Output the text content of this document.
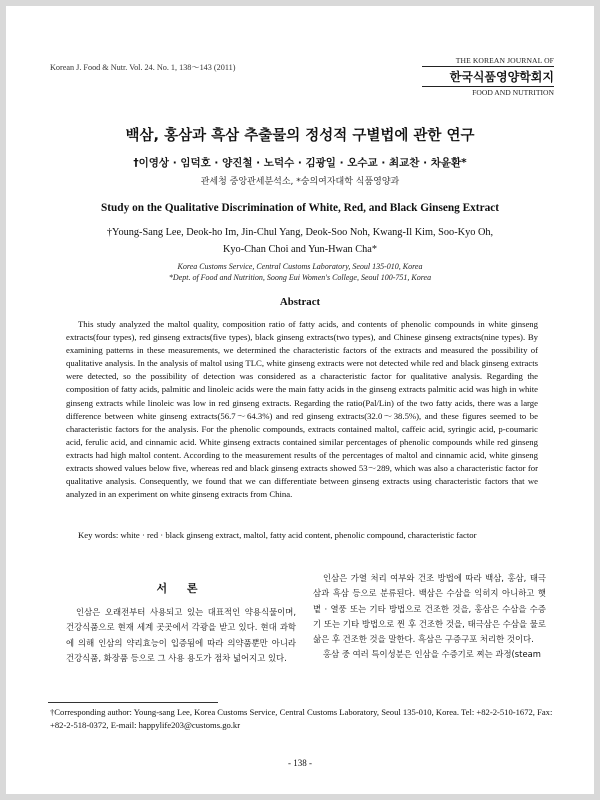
Korean J. Food & Nutr. Vol. 24. No. 1, 138～143 (2011)
THE KOREAN JOURNAL OF
한국식품영양학회지
FOOD AND NUTRITION
백삼, 홍삼과 흑삼 추출물의 정성적 구별법에 관한 연구
†이영상 · 임덕호 · 양진철 · 노덕수 · 김광일 · 오수교 · 최교찬 · 차윤환*
관세청 중앙관세분석소, *숭의여자대학 식품영양과
Study on the Qualitative Discrimination of White, Red, and Black Ginseng Extract
†Young-Sang Lee, Deok-ho Im, Jin-Chul Yang, Deok-Soo Noh, Kwang-Il Kim, Soo-Kyo Oh,
Kyo-Chan Choi and Yun-Hwan Cha*
Korea Customs Service, Central Customs Laboratory, Seoul 135-010, Korea
*Dept. of Food and Nutrition, Soong Eui Women's College, Seoul 100-751, Korea
Abstract

This study analyzed the maltol quality, composition ratio of fatty acids, and contents of phenolic compounds in white ginseng extracts(four types), red ginseng extracts(five types), black ginseng extracts(two types), and Chinese ginseng extracts(nine types). By examining patterns in these measurements, we determined the characteristic factors of the extracts and measured the possibility of qualitative analysis. In the analysis of maltol using TLC, white ginseng extracts were not detected while red and black ginseng extracts were detected, so the possibility of detection was considered as a characteristic factor for qualitative analysis. Regarding the composition of fatty acids, palmitic and linoleic acids were the main fatty acids in the ginseng extracts palmitic acid was high in white ginseng extracts while linoleic was low in red ginseng extracts. Regarding the ratio(Pal/Lin) of the two fatty acids, there was a large difference between white ginseng extracts(56.7～64.3%) and red ginseng extracts(32.0～38.5%), and these figures seemed to be characteristic factors for the analysis. For the phenolic compounds, extracts contained maltol, caffeic acid, syringic acid, p-coumaric acid, ferulic acid, and cinnamic acid. White ginseng extracts contained similar percentages of phenolic compounds while red ginseng extracts had high maltol content. According to the measurement results of the percentages of maltol and cinnamic acid, white ginseng extracts showed values below five, whereas red and black ginseng extracts showed 53～289, which was also a characteristic factor for qualitative analysis. Consequently, we found that we can differentiate between ginseng extracts using characteristic factors that we analyzed in an experiment on white ginseng extracts from China.

Key words: white · red · black ginseng extract, maltol, fatty acid content, phenolic compound, characteristic factor
서 론
인삼은 오래전부터 사용되고 있는 대표적인 약용식물이며, 건강식품으로 현재 세계 곳곳에서 각광을 받고 있다. 현대 과학에 의해 인삼의 약리효능이 입증됨에 따라 의약품뿐만 아니라 건강식품, 화장품 등으로 그 사용 용도가 점차 넓어지고 있다.

인삼은 가열 처리 여부와 건조 방법에 따라 백삼, 홍삼, 태극삼과 흑삼 등으로 분류된다. 백삼은 수삼을 익히지 아니하고 햇볕 · 열풍 또는 기타 방법으로 건조한 것을, 홍삼은 수삼을 수증기 또는 기타 방법으로 찐 후 건조한 것을, 태극삼은 수삼을 물로 삶은 후 건조한 것을 말한다. 흑삼은 구증구포 처리한 것이다.

홍삼 중 여러 특이성분은 인삼을 수증기로 찌는 과정(steam

†Corresponding author: Young-sang Lee, Korea Customs Service, Central Customs Laboratory, Seoul 135-010, Korea. Tel: +82-2-510-1672, Fax: +82-2-518-0372, E-mail: happylife203@customs.go.kr
- 138 -
